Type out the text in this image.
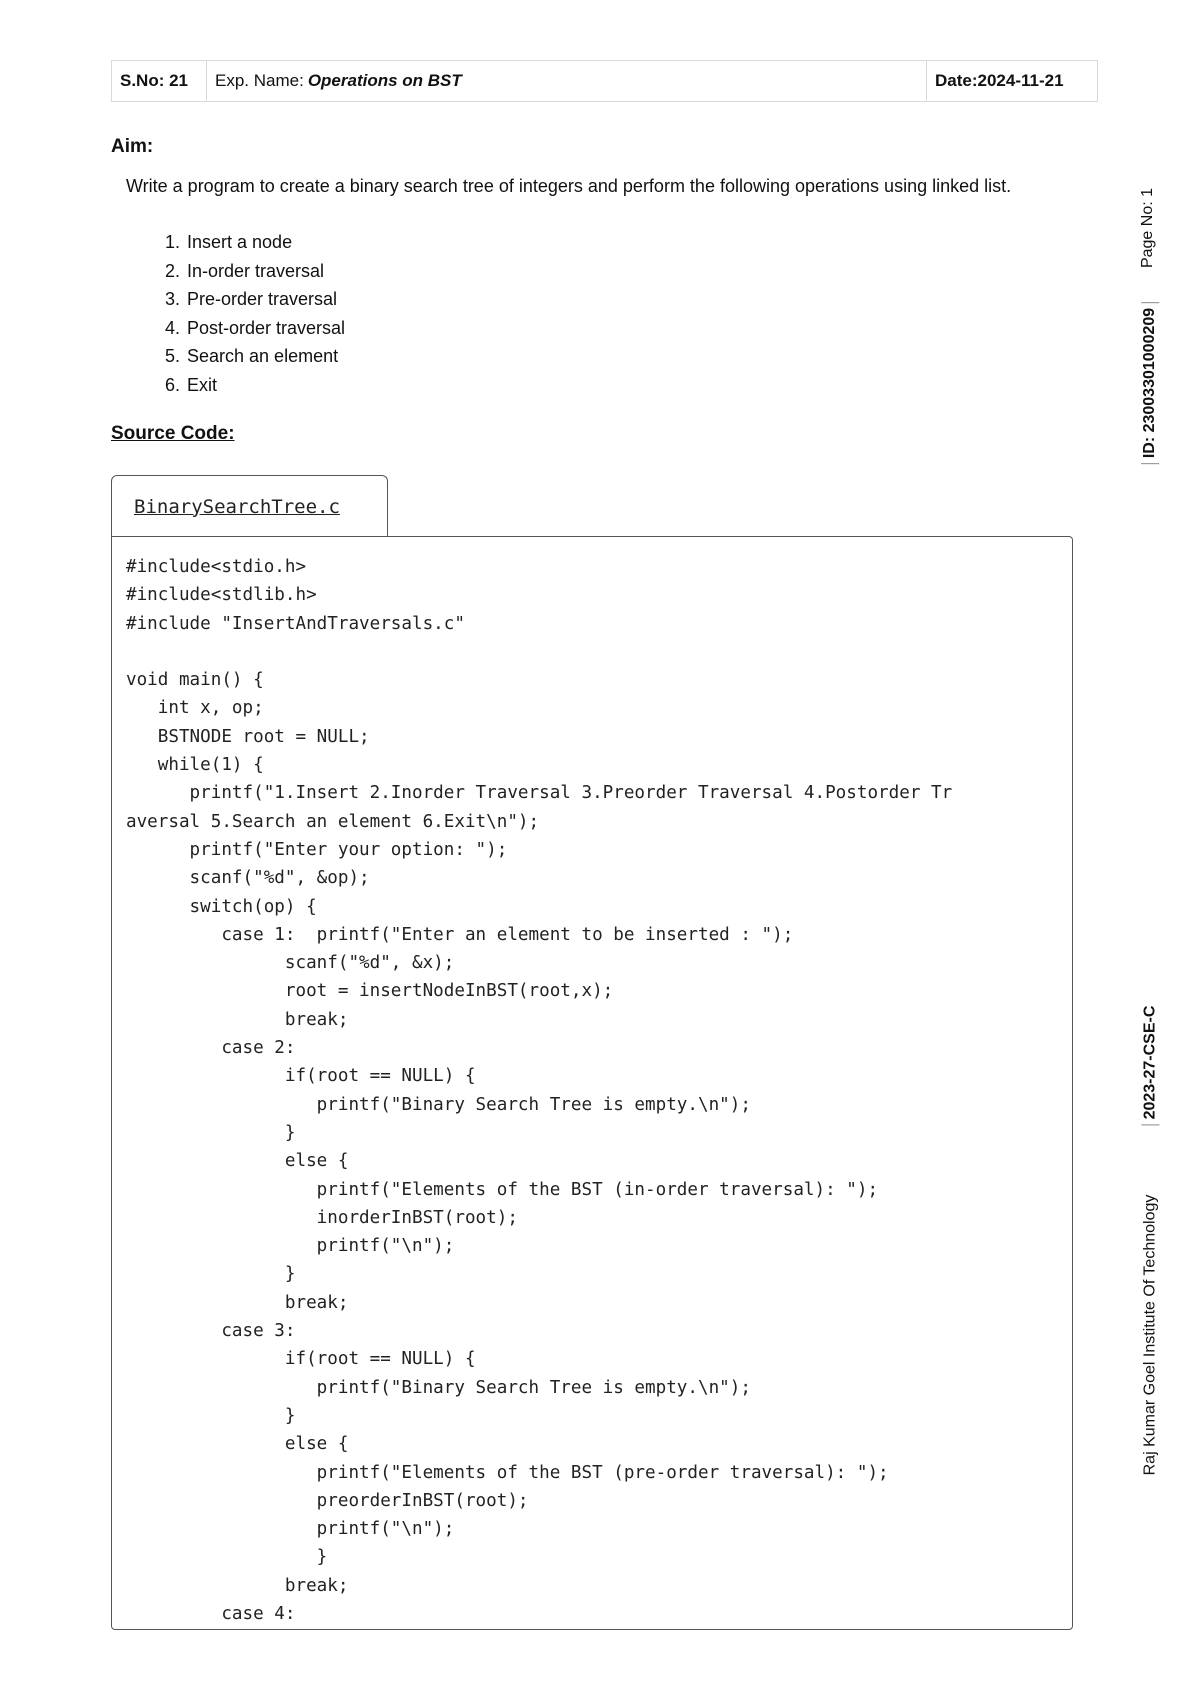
S.No: 21	Exp. Name: Operations on BST	Date:2024-11-21
Aim:
Write a program to create a binary search tree of integers and perform the following operations using linked list.
1. Insert a node
2. In-order traversal
3. Pre-order traversal
4. Post-order traversal
5. Search an element
6. Exit
Source Code:
BinarySearchTree.c
#include<stdio.h>
#include<stdlib.h>
#include "InsertAndTraversals.c"
void main() {
int x, op;
BSTNODE root = NULL;
while(1) {
printf("1.Insert 2.Inorder Traversal 3.Preorder Traversal 4.Postorder Tr
aversal 5.Search an element 6.Exit\n");
printf("Enter your option: ");
scanf("%d", &op);
switch(op) {
case 1:  printf("Enter an element to be inserted : ");
scanf("%d", &x);
root = insertNodeInBST(root,x);
break;
case 2:
if(root == NULL) {
printf("Binary Search Tree is empty.\n");
}
else {
printf("Elements of the BST (in-order traversal): ");
inorderInBST(root);
printf("\n");
}
break;
case 3:
if(root == NULL) {
printf("Binary Search Tree is empty.\n");
}
else {
printf("Elements of the BST (pre-order traversal): ");
preorderInBST(root);
printf("\n");
}
break;
case 4:
Page No: 1
ID: 23003301000209
2023-27-CSE-C
Raj Kumar Goel Institute Of Technology
